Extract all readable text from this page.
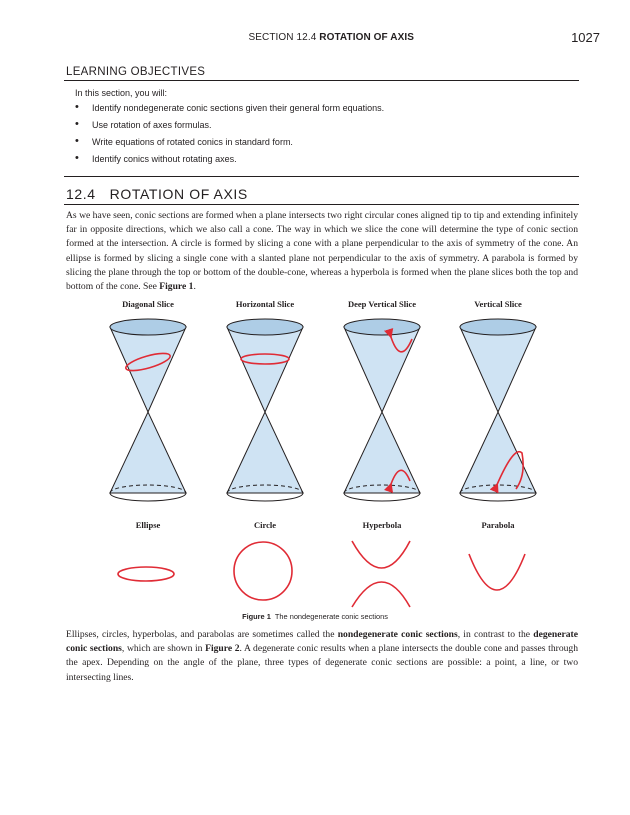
SECTION 12.4 ROTATION OF AXIS	1027
LEARNING OBJECTIVES
In this section, you will:
• Identify nondegenerate conic sections given their general form equations.
• Use rotation of axes formulas.
• Write equations of rotated conics in standard form.
• Identify conics without rotating axes.
12.4 ROTATION OF AXIS

As we have seen, conic sections are formed when a plane intersects two right circular cones aligned tip to tip and extending infinitely far in opposite directions, which we also call a cone. The way in which we slice the cone will determine the type of conic section formed at the intersection. A circle is formed by slicing a cone with a plane perpendicular to the axis of symmetry of the cone. An ellipse is formed by slicing a single cone with a slanted plane not perpendicular to the axis of symmetry. A parabola is formed by slicing the plane through the top or bottom of the double-cone, whereas a hyperbola is formed when the plane slices both the top and bottom of the cone. See Figure 1.

Diagonal Slice	Horizontal Slice	Deep Vertical Slice	Vertical Slice
Ellipse	Circle	Hyperbola	Parabola
Figure 1 The nondegenerate conic sections

Ellipses, circles, hyperbolas, and parabolas are sometimes called the nondegenerate conic sections, in contrast to the degenerate conic sections, which are shown in Figure 2. A degenerate conic results when a plane intersects the double cone and passes through the apex. Depending on the angle of the plane, three types of degenerate conic sections are possible: a point, a line, or two intersecting lines.
